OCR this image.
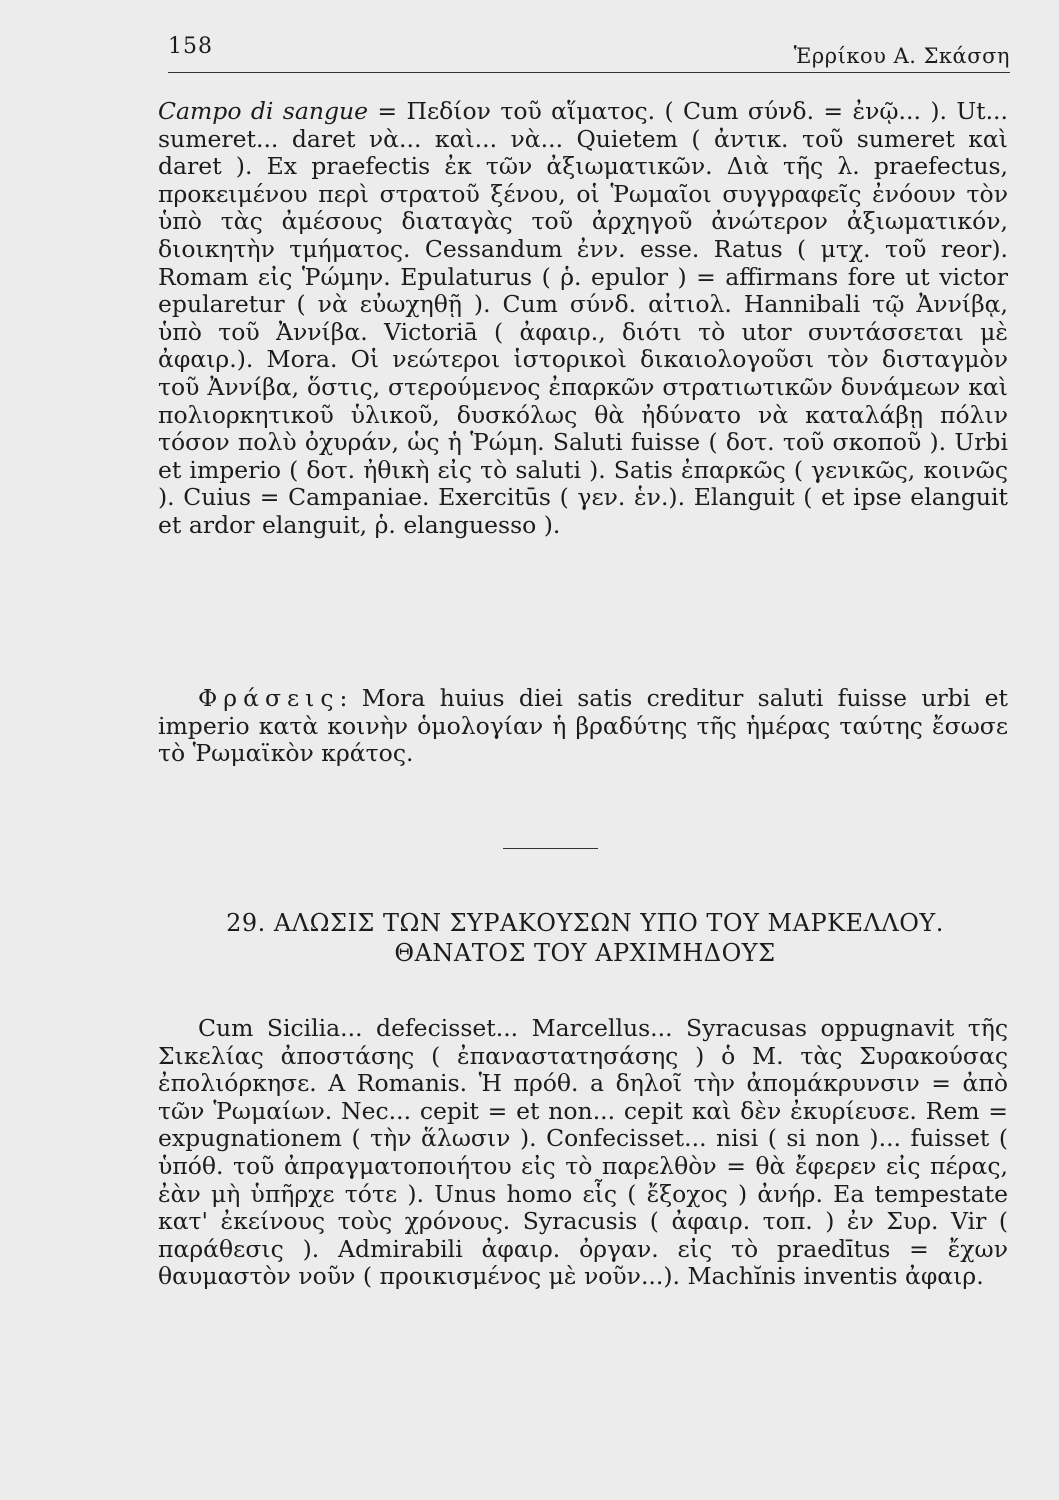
158	Ἑρρίκου Α. Σκάσση

Campo di sangue = Πεδίον τοῦ αἵματος. ( Cum σύνδ. = ἐνῷ... ). Ut... sumeret... daret νὰ... καὶ... νὰ... Quietem ( ἀντικ. τοῦ sumeret καὶ daret ). Ex praefectis ἐκ τῶν ἀξιωματικῶν. Διὰ τῆς λ. praefectus, προκειμένου περὶ στρατοῦ ξένου, οἱ Ῥωμαῖοι συγγραφεῖς ἐνόουν τὸν ὑπὸ τὰς ἀμέσους διαταγὰς τοῦ ἀρχηγοῦ ἀνώτερον ἀξιωματικόν, διοικητὴν τμήματος. Cessandum ἐνν. esse. Ratus ( μτχ. τοῦ reor). Romam εἰς Ῥώμην. Epulaturus ( ῥ. epulor ) = affirmans fore ut victor epularetur ( νὰ εὐωχηθῇ ). Cum σύνδ. αἰτιολ. Hannibali τῷ Ἀννίβᾳ, ὑπὸ τοῦ Ἀννίβα. Victoriā ( ἀφαιρ., διότι τὸ utor συντάσσεται μὲ ἀφαιρ.). Mora. Οἱ νεώτεροι ἱστορικοὶ δικαιολογοῦσι τὸν δισταγμὸν τοῦ Ἀννίβα, ὅστις, στερούμενος ἐπαρκῶν στρατιωτικῶν δυνάμεων καὶ πολιορκητικοῦ ὑλικοῦ, δυσκόλως θὰ ἠδύνατο νὰ καταλάβῃ πόλιν τόσον πολὺ ὀχυράν, ὡς ἡ Ῥώμη. Saluti fuisse ( δοτ. τοῦ σκοποῦ ). Urbi et imperio ( δοτ. ἠθικὴ εἰς τὸ saluti ). Satis ἐπαρκῶς ( γενικῶς, κοινῶς ). Cuius = Campaniae. Exercitūs ( γεν. ἑν.). Elanguit ( et ipse elanguit et ardor elanguit, ῥ. elanguesso ).

Φράσεις: Mora huius diei satis creditur saluti fuisse urbi et imperio κατὰ κοινὴν ὁμολογίαν ἡ βραδύτης τῆς ἡμέρας ταύτης ἔσωσε τὸ Ῥωμαϊκὸν κράτος.

29. ΑΛΩΣΙΣ ΤΩΝ ΣΥΡΑΚΟΥΣΩΝ ΥΠΟ ΤΟΥ ΜΑΡΚΕΛΛΟΥ.
ΘΑΝΑΤΟΣ ΤΟΥ ΑΡΧΙΜΗΔΟΥΣ

Cum Sicilia... defecisset... Marcellus... Syracusas oppugnavit τῆς Σικελίας ἀποστάσης ( ἐπαναστατησάσης ) ὁ Μ. τὰς Συρακούσας ἐπολιόρκησε. A Romanis. Ἡ πρόθ. a δηλοῖ τὴν ἀπομάκρυνσιν = ἀπὸ τῶν Ῥωμαίων. Nec... cepit = et non... cepit καὶ δὲν ἐκυρίευσε. Rem = expugnationem ( τὴν ἅλωσιν ). Confecisset... nisi ( si non )... fuisset ( ὑπόθ. τοῦ ἀπραγματοποιήτου εἰς τὸ παρελθὸν = θὰ ἔφερεν εἰς πέρας, ἐὰν μὴ ὑπῆρχε τότε ). Unus homo εἷς ( ἔξοχος ) ἀνήρ. Ea tempestate κατ' ἐκείνους τοὺς χρόνους. Syracusis ( ἀφαιρ. τοπ. ) ἐν Συρ. Vir ( παράθεσις ). Admirabili ἀφαιρ. ὀργαν. εἰς τὸ praedītus = ἔχων θαυμαστὸν νοῦν ( προικισμένος μὲ νοῦν...). Machĭnis inventis ἀφαιρ.
